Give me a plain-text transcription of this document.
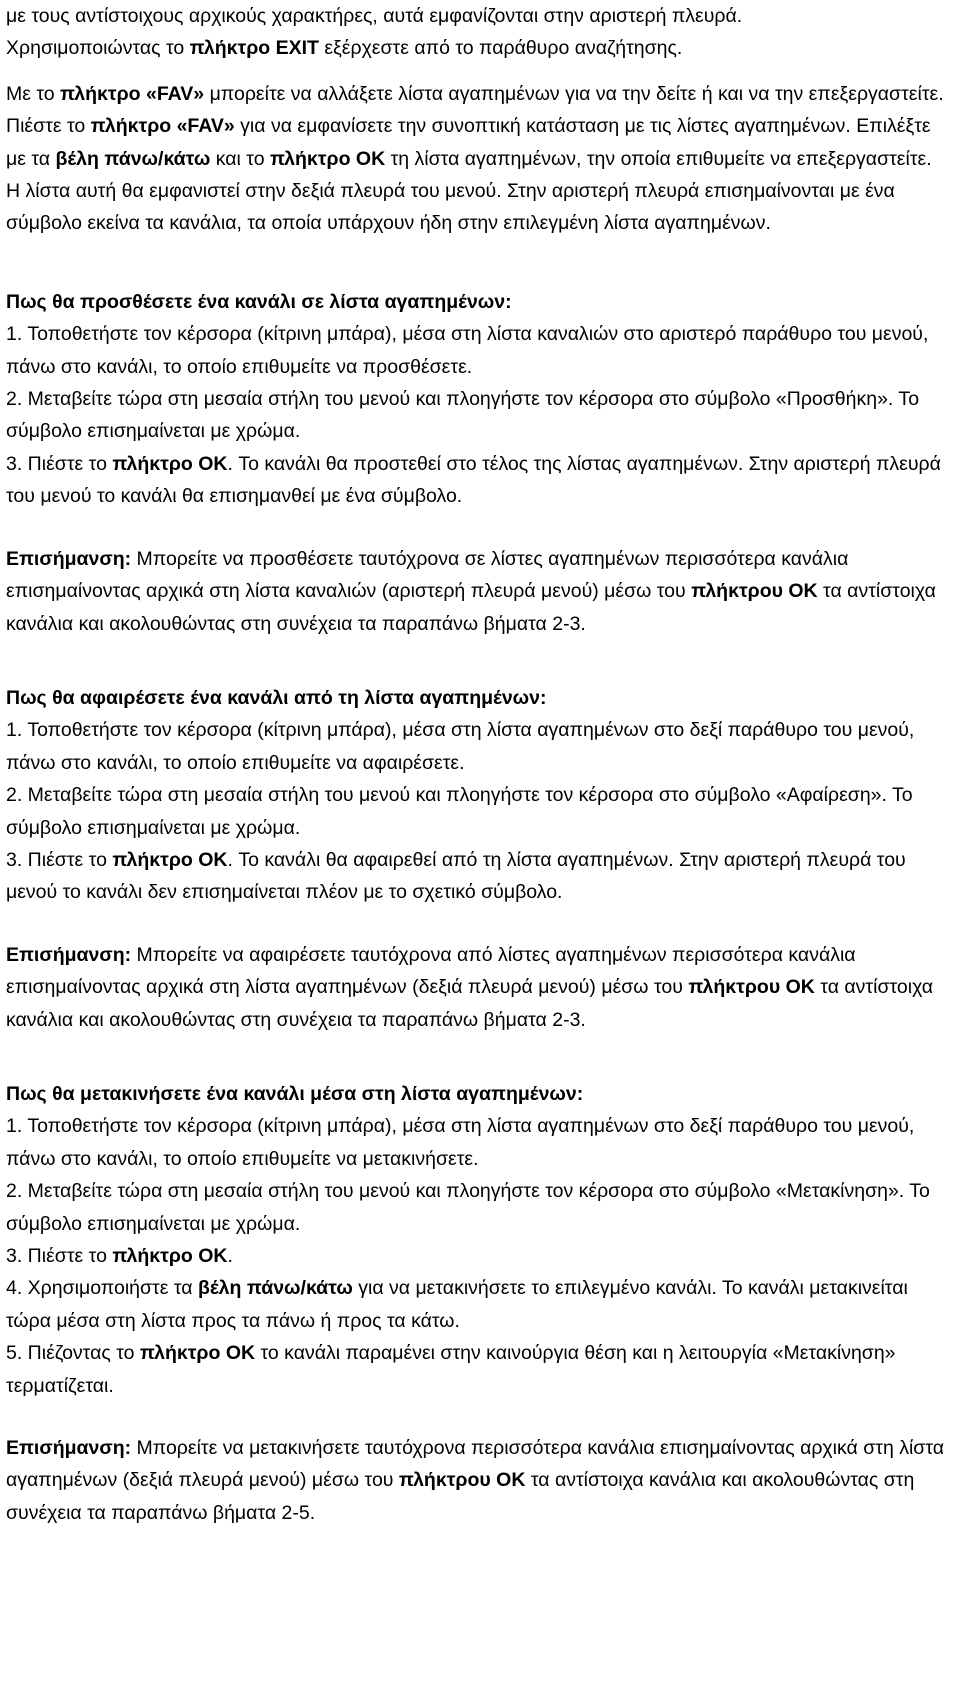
με τους αντίστοιχους αρχικούς χαρακτήρες, αυτά εμφανίζονται στην αριστερή πλευρά.
Χρησιμοποιώντας το πλήκτρο EXIT εξέρχεστε από το παράθυρο αναζήτησης.

Με το πλήκτρο «FAV» μπορείτε να αλλάξετε λίστα αγαπημένων για να την δείτε ή και να την επεξεργαστείτε. Πιέστε το πλήκτρο «FAV» για να εμφανίσετε την συνοπτική κατάσταση με τις λίστες αγαπημένων. Επιλέξτε με τα βέλη πάνω/κάτω και το πλήκτρο OK τη λίστα αγαπημένων, την οποία επιθυμείτε να επεξεργαστείτε. Η λίστα αυτή θα εμφανιστεί στην δεξιά πλευρά του μενού. Στην αριστερή πλευρά επισημαίνονται με ένα σύμβολο εκείνα τα κανάλια, τα οποία υπάρχουν ήδη στην επιλεγμένη λίστα αγαπημένων.

Πως θα προσθέσετε ένα κανάλι σε λίστα αγαπημένων:

1. Τοποθετήστε τον κέρσορα (κίτρινη μπάρα), μέσα στη λίστα καναλιών στο αριστερό παράθυρο του μενού, πάνω στο κανάλι, το οποίο επιθυμείτε να προσθέσετε.

2. Μεταβείτε τώρα στη μεσαία στήλη του μενού και πλοηγήστε τον κέρσορα στο σύμβολο «Προσθήκη». Το σύμβολο επισημαίνεται με χρώμα.

3. Πιέστε το πλήκτρο OK. Το κανάλι θα προστεθεί στο τέλος της λίστας αγαπημένων. Στην αριστερή πλευρά του μενού το κανάλι θα επισημανθεί με ένα σύμβολο.

Επισήμανση: Μπορείτε να προσθέσετε ταυτόχρονα σε λίστες αγαπημένων περισσότερα κανάλια επισημαίνοντας αρχικά στη λίστα καναλιών (αριστερή πλευρά μενού) μέσω του πλήκτρου OK τα αντίστοιχα κανάλια και ακολουθώντας στη συνέχεια τα παραπάνω βήματα 2-3.

Πως θα αφαιρέσετε ένα κανάλι από τη λίστα αγαπημένων:

1. Τοποθετήστε τον κέρσορα (κίτρινη μπάρα), μέσα στη λίστα αγαπημένων στο δεξί παράθυρο του μενού, πάνω στο κανάλι, το οποίο επιθυμείτε να αφαιρέσετε.

2. Μεταβείτε τώρα στη μεσαία στήλη του μενού και πλοηγήστε τον κέρσορα στο σύμβολο «Αφαίρεση». Το σύμβολο επισημαίνεται με χρώμα.

3. Πιέστε το πλήκτρο OK. Το κανάλι θα αφαιρεθεί από τη λίστα αγαπημένων. Στην αριστερή πλευρά του μενού το κανάλι δεν επισημαίνεται πλέον με το σχετικό σύμβολο.

Επισήμανση: Μπορείτε να αφαιρέσετε ταυτόχρονα από λίστες αγαπημένων περισσότερα κανάλια επισημαίνοντας αρχικά στη λίστα αγαπημένων (δεξιά πλευρά μενού) μέσω του πλήκτρου OK τα αντίστοιχα κανάλια και ακολουθώντας στη συνέχεια τα παραπάνω βήματα 2-3.

Πως θα μετακινήσετε ένα κανάλι μέσα στη λίστα αγαπημένων:

1. Τοποθετήστε τον κέρσορα (κίτρινη μπάρα), μέσα στη λίστα αγαπημένων στο δεξί παράθυρο του μενού, πάνω στο κανάλι, το οποίο επιθυμείτε να μετακινήσετε.

2. Μεταβείτε τώρα στη μεσαία στήλη του μενού και πλοηγήστε τον κέρσορα στο σύμβολο «Μετακίνηση». Το σύμβολο επισημαίνεται με χρώμα.

3. Πιέστε το πλήκτρο OK.

4. Χρησιμοποιήστε τα βέλη πάνω/κάτω για να μετακινήσετε το επιλεγμένο κανάλι. Το κανάλι μετακινείται τώρα μέσα στη λίστα προς τα πάνω ή προς τα κάτω.

5. Πιέζοντας το πλήκτρο OK το κανάλι παραμένει στην καινούργια θέση και η λειτουργία «Μετακίνηση» τερματίζεται.

Επισήμανση: Μπορείτε να μετακινήσετε ταυτόχρονα περισσότερα κανάλια επισημαίνοντας αρχικά στη λίστα αγαπημένων (δεξιά πλευρά μενού) μέσω του πλήκτρου OK τα αντίστοιχα κανάλια και ακολουθώντας στη συνέχεια τα παραπάνω βήματα 2-5.
